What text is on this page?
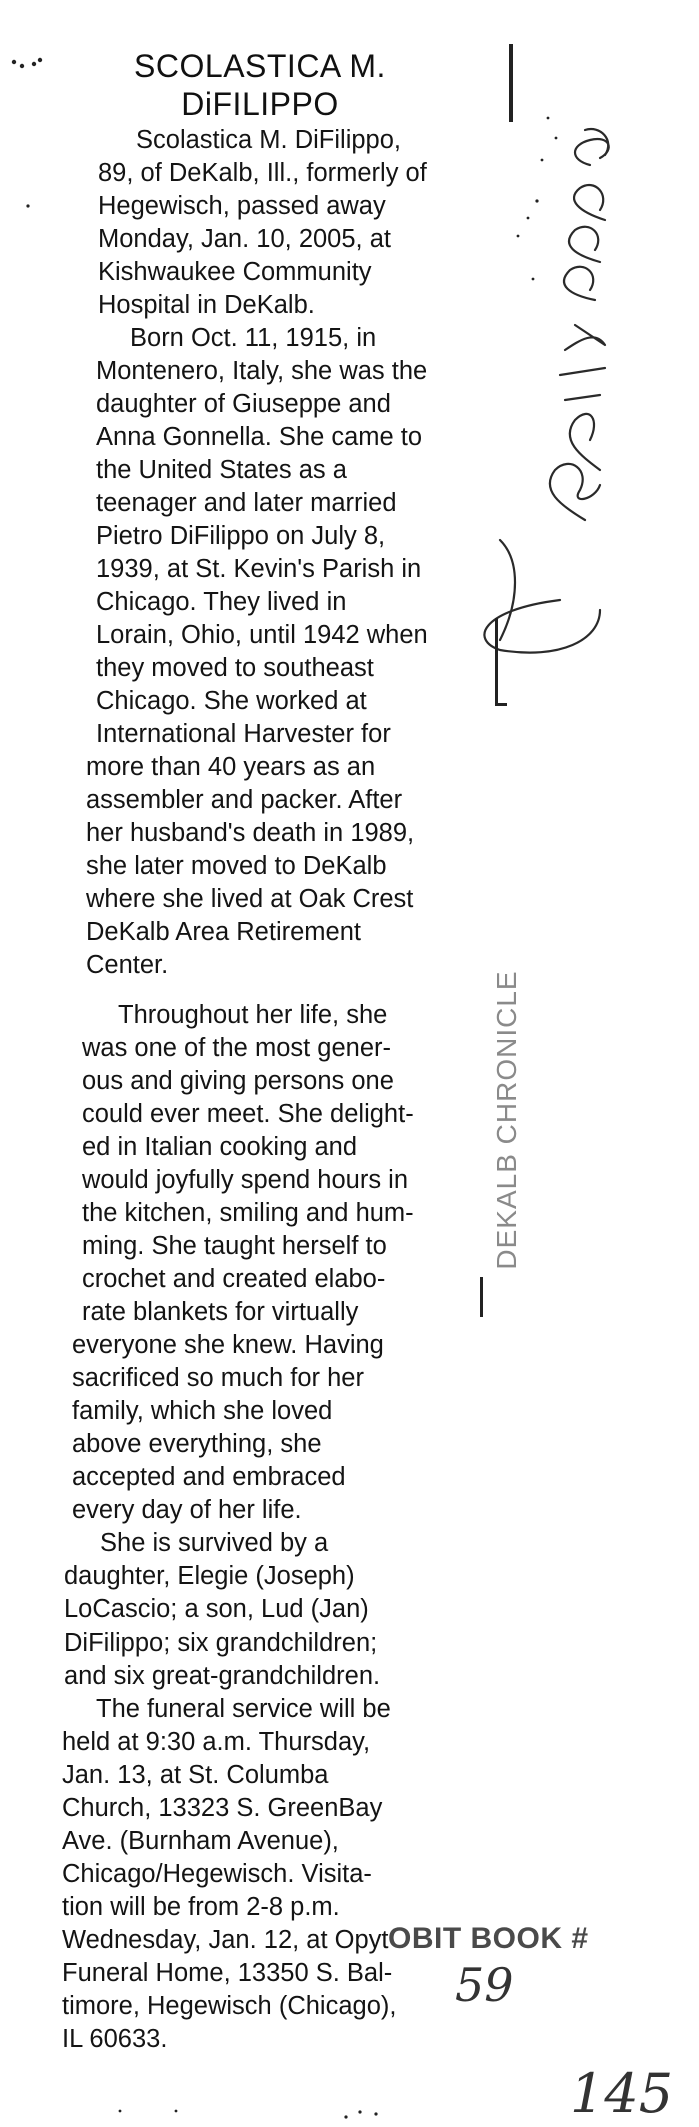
SCOLASTICA M.
DiFILIPPO
Scolastica M. DiFilippo,
89, of DeKalb, Ill., formerly of
Hegewisch, passed away
Monday, Jan. 10, 2005, at
Kishwaukee Community
Hospital in DeKalb.
Born Oct. 11, 1915, in
Montenero, Italy, she was the
daughter of Giuseppe and
Anna Gonnella. She came to
the United States as a
teenager and later married
Pietro DiFilippo on July 8,
1939, at St. Kevin's Parish in
Chicago. They lived in
Lorain, Ohio, until 1942 when
they moved to southeast
Chicago. She worked at
International Harvester for
more than 40 years as an
assembler and packer. After
her husband's death in 1989,
she later moved to DeKalb
where she lived at Oak Crest
DeKalb Area Retirement
Center.
Throughout her life, she
was one of the most gener-
ous and giving persons one
could ever meet. She delight-
ed in Italian cooking and
would joyfully spend hours in
the kitchen, smiling and hum-
ming. She taught herself to
crochet and created elabo-
rate blankets for virtually
everyone she knew. Having
sacrificed so much for her
family, which she loved
above everything, she
accepted and embraced
every day of her life.
She is survived by a
daughter, Elegie (Joseph)
LoCascio; a son, Lud (Jan)
DiFilippo; six grandchildren;
and six great-grandchildren.
The funeral service will be
held at 9:30 a.m. Thursday,
Jan. 13, at St. Columba
Church, 13323 S. GreenBay
Ave. (Burnham Avenue),
Chicago/Hegewisch. Visita-
tion will be from 2-8 p.m.
Wednesday, Jan. 12, at Opyt
Funeral Home, 13350 S. Bal-
timore, Hegewisch (Chicago),
IL 60633.
DEKALB CHRONICLE
OBIT BOOK #
59
145
